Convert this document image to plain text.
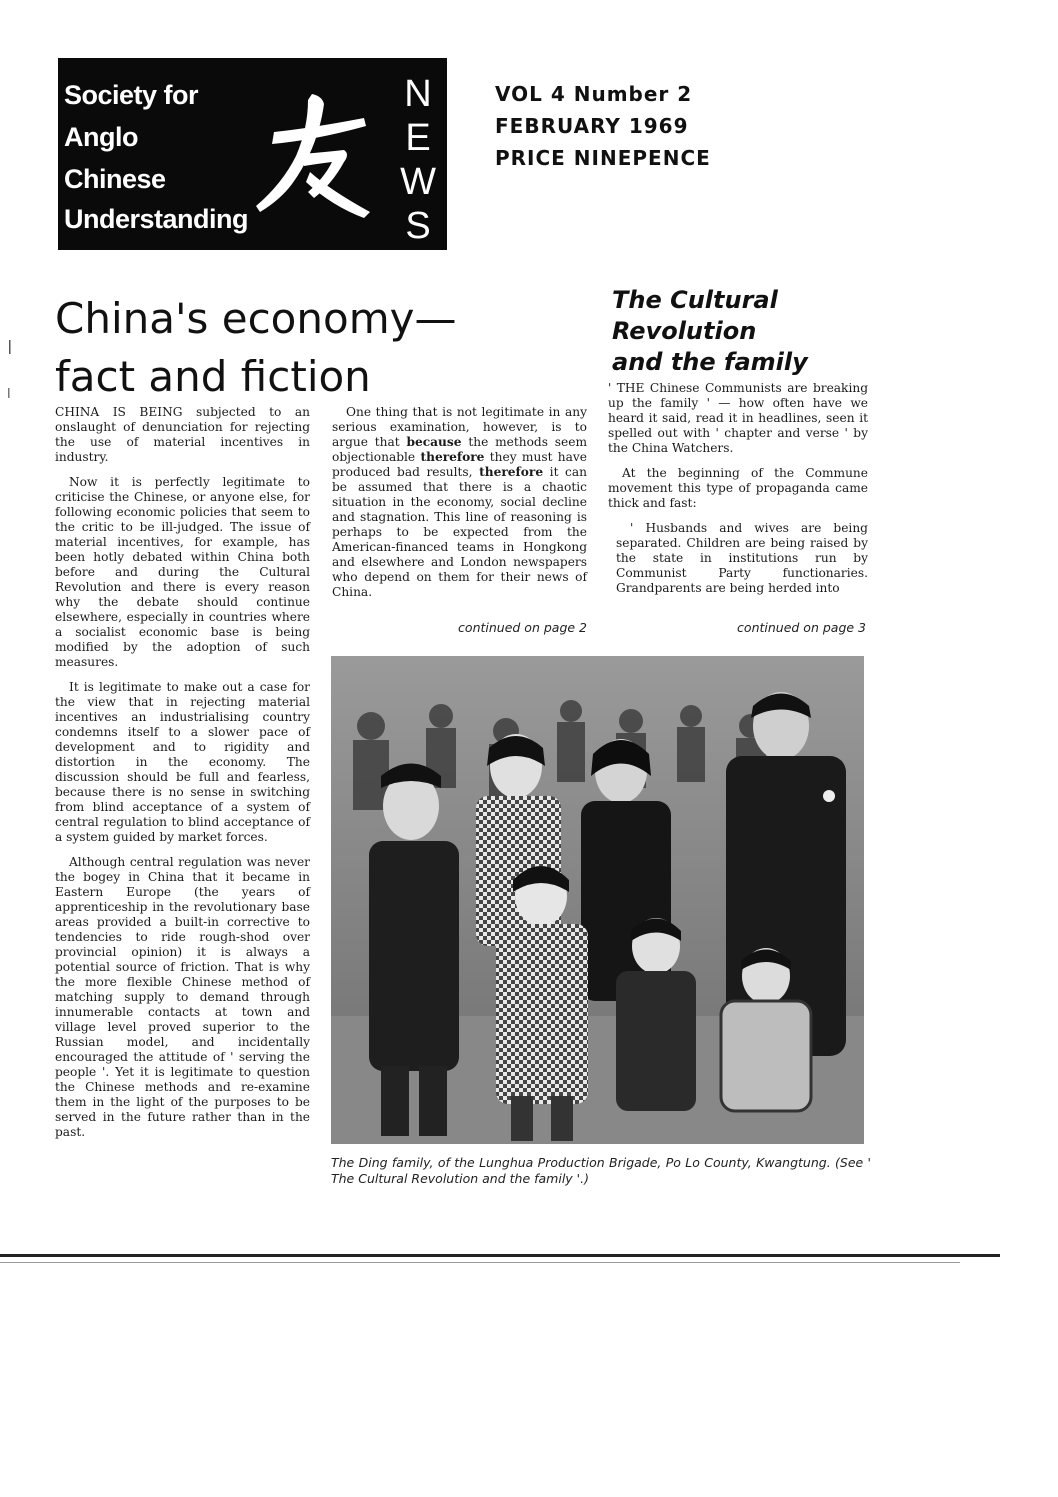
Society for
Anglo
Chinese
Understanding
N
E
W
S
VOL 4 Number 2
FEBRUARY 1969
PRICE NINEPENCE
China's economy—
fact and fiction
The Cultural
Revolution
and the family

CHINA IS BEING subjected to an onslaught of denunciation for rejecting the use of material incentives in industry.

Now it is perfectly legitimate to criticise the Chinese, or anyone else, for following economic policies that seem to the critic to be ill-judged. The issue of material incentives, for example, has been hotly debated within China both before and during the Cultural Revolution and there is every reason why the debate should continue elsewhere, especially in countries where a socialist economic base is being modified by the adoption of such measures.

It is legitimate to make out a case for the view that in rejecting material incentives an industrialising country condemns itself to a slower pace of development and to rigidity and distortion in the economy. The discussion should be full and fearless, because there is no sense in switching from blind acceptance of a system of central regulation to blind acceptance of a system guided by market forces.

Although central regulation was never the bogey in China that it became in Eastern Europe (the years of apprenticeship in the revolutionary base areas provided a built-in corrective to tendencies to ride rough-shod over provincial opinion) it is always a potential source of friction. That is why the more flexible Chinese method of matching supply to demand through innumerable contacts at town and village level proved superior to the Russian model, and incidentally encouraged the attitude of ' serving the people '. Yet it is legitimate to question the Chinese methods and re-examine them in the light of the purposes to be served in the future rather than in the past.

One thing that is not legitimate in any serious examination, however, is to argue that because the methods seem objectionable therefore they must have produced bad results, therefore it can be assumed that there is a chaotic situation in the economy, social decline and stagnation. This line of reasoning is perhaps to be expected from the American-financed teams in Hongkong and elsewhere and London newspapers who depend on them for their news of China.

continued on page 2

' THE Chinese Communists are breaking up the family ' — how often have we heard it said, read it in headlines, seen it spelled out with ' chapter and verse ' by the China Watchers.

At the beginning of the Commune movement this type of propaganda came thick and fast:

' Husbands and wives are being separated. Children are being raised by the state in institutions run by Communist Party functionaries. Grandparents are being herded into

continued on page 3
The Ding family, of the Lunghua Production Brigade, Po Lo County, Kwangtung. (See ' The Cultural Revolution and the family '.)
